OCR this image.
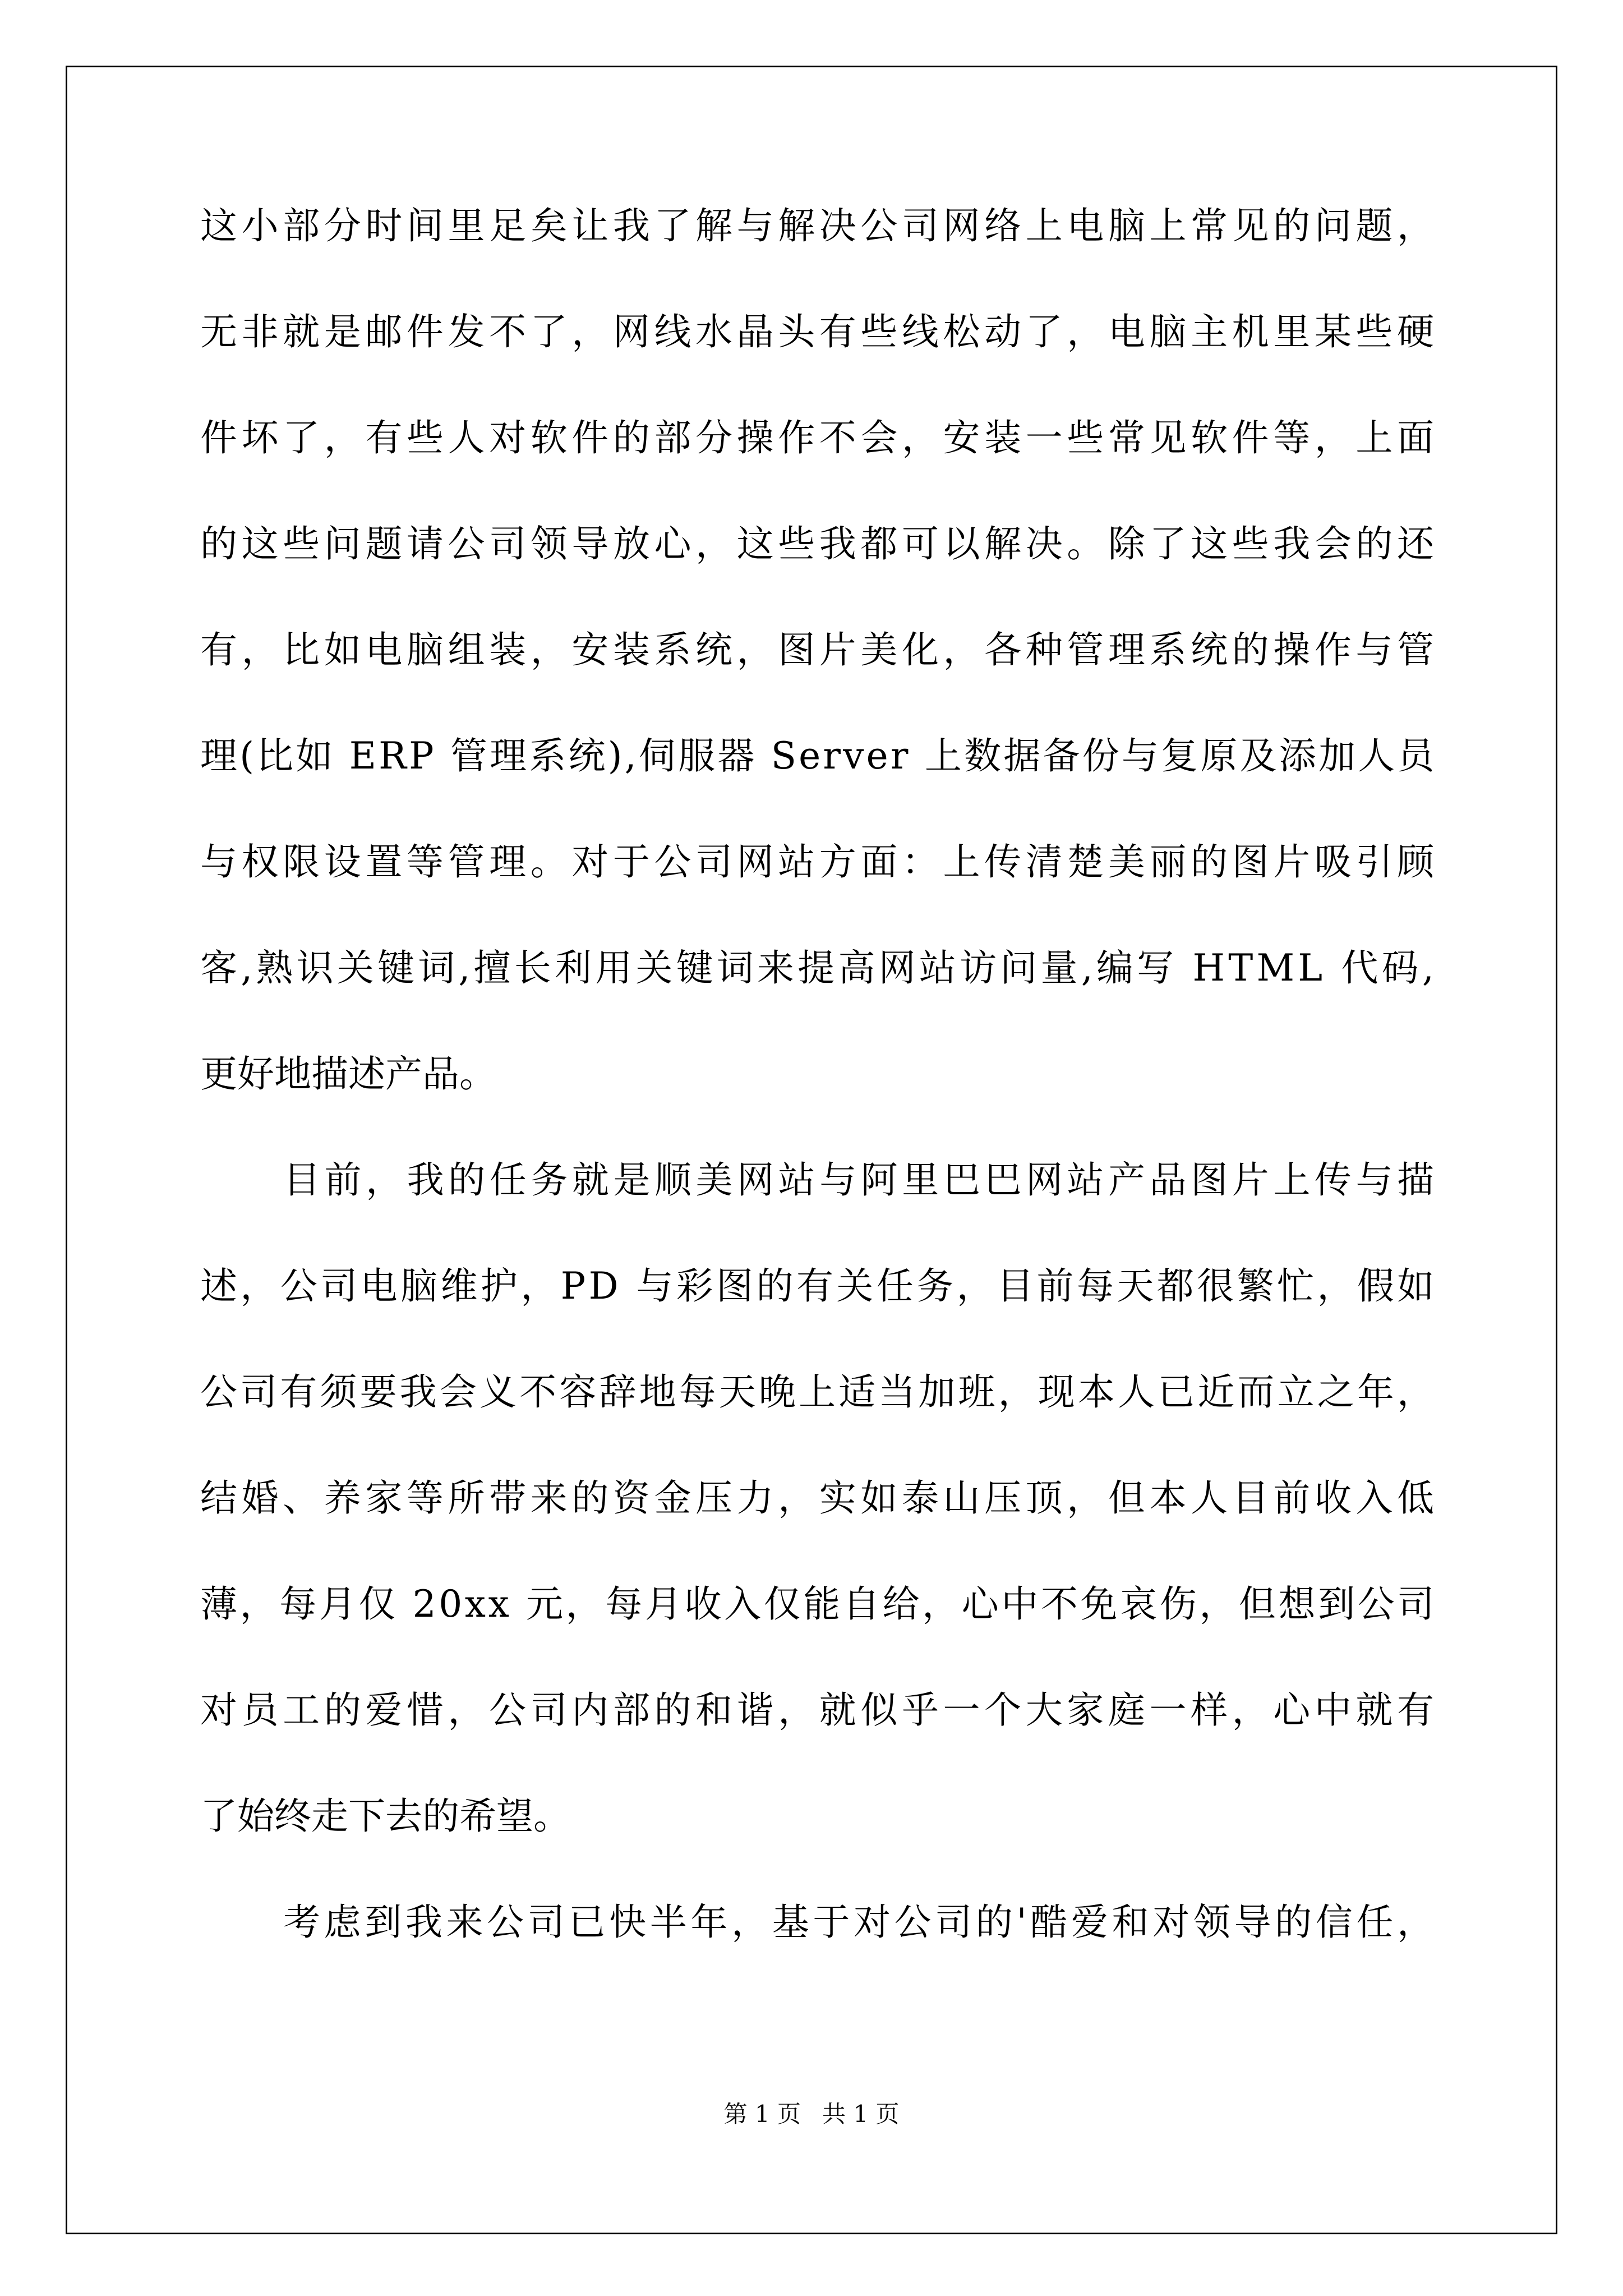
这小部分时间里足矣让我了解与解决公司网络上电脑上常见的问题，
无非就是邮件发不了，网线水晶头有些线松动了，电脑主机里某些硬
件坏了，有些人对软件的部分操作不会，安装一些常见软件等，上面
的这些问题请公司领导放心，这些我都可以解决。除了这些我会的还
有，比如电脑组装，安装系统，图片美化，各种管理系统的操作与管
理(比如 ERP 管理系统),伺服器 Server 上数据备份与复原及添加人员
与权限设置等管理。对于公司网站方面：上传清楚美丽的图片吸引顾
客,熟识关键词,擅长利用关键词来提高网站访问量,编写 HTML 代码,
更好地描述产品。
目前，我的任务就是顺美网站与阿里巴巴网站产品图片上传与描
述，公司电脑维护，PD 与彩图的有关任务，目前每天都很繁忙，假如
公司有须要我会义不容辞地每天晚上适当加班，现本人已近而立之年，
结婚、养家等所带来的资金压力，实如泰山压顶，但本人目前收入低
薄，每月仅 20xx 元，每月收入仅能自给，心中不免哀伤，但想到公司
对员工的爱惜，公司内部的和谐，就似乎一个大家庭一样，心中就有
了始终走下去的希望。
考虑到我来公司已快半年，基于对公司的'酷爱和对领导的信任，
第 1 页 共 1 页
